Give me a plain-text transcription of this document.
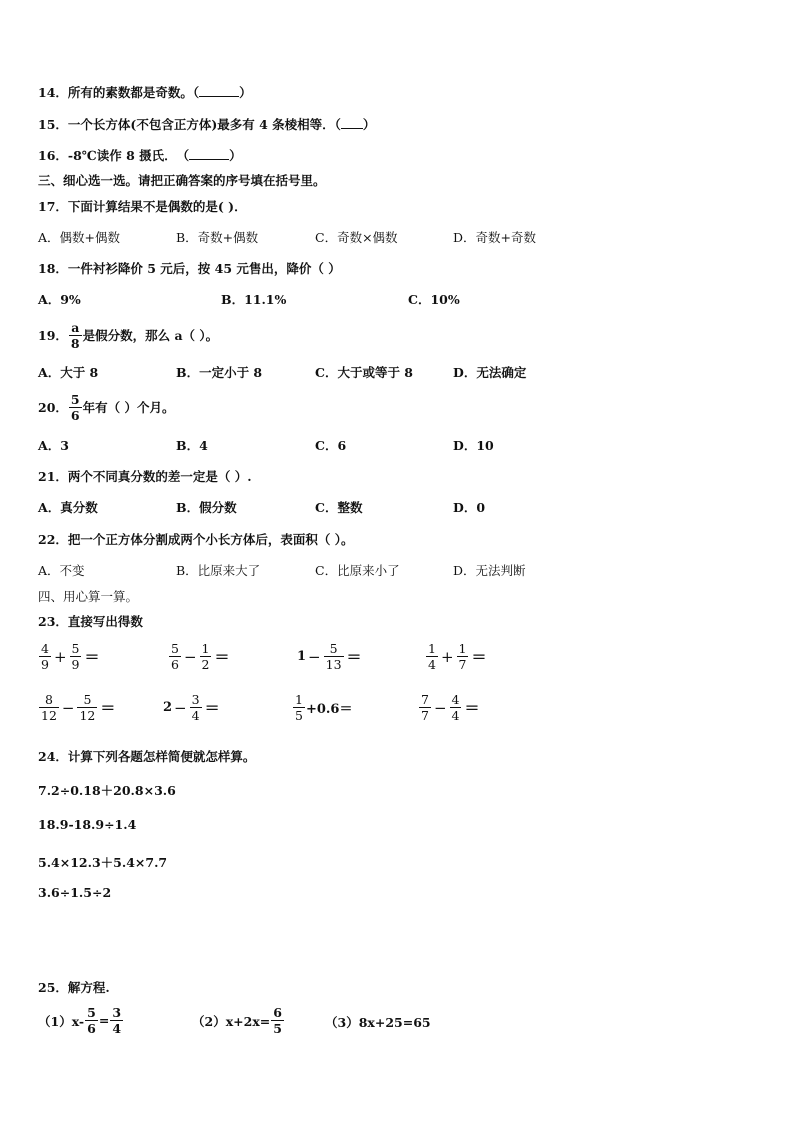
14．所有的素数都是奇数。（	）
15．一个长方体(不包含正方体)最多有 4 条棱相等．（ ）
16．-8℃读作 8 摄氏．　（	）
三、细心选一选。请把正确答案的序号填在括号里。
17．下面计算结果不是偶数的是( )．
A．偶数+偶数	B．奇数+偶数	C．奇数×偶数	D．奇数+奇数
18．一件衬衫降价 5 元后，按 45 元售出，降价（ ）
A．9%	B．11.1%	C．10%
19． $\frac{a}{8}$ 是假分数，那么 a（ ）。
A．大于 8	B．一定小于 8	C．大于或等于 8	D．无法确定
20． $\frac{5}{6}$ 年有（ ）个月。
A．3	B．4	C．6	D．10
21．两个不同真分数的差一定是（ ）.
A．真分数	B．假分数	C．整数	D．0
22．把一个正方体分割成两个小长方体后，表面积（ ）。
A．不变	B．比原来大了	C．比原来小了	D．无法判断
四、用心算一算。
23．直接写出得数
$\frac{4}{9} + \frac{5}{9}$ ＝	$\frac{5}{6} - \frac{1}{2}$ ＝	$1 - \frac{5}{13}$ ＝	$\frac{1}{4} + \frac{1}{7}$ ＝
$\frac{8}{12} - \frac{5}{12}$ ＝	$2 - \frac{3}{4}$ ＝	$\frac{1}{5} +0.6=$	$\frac{7}{7} - \frac{4}{4}$ ＝
24．计算下列各题怎样简便就怎样算。
7.2÷0.18＋20.8×3.6
18.9-18.9÷1.4
5.4×12.3＋5.4×7.7
3.6÷1.5÷2
25．解方程.
$(1)x- \frac{5}{6} = \frac{3}{4}$	$(2)x+2x= \frac{6}{5}$	（3）8x+25=65
